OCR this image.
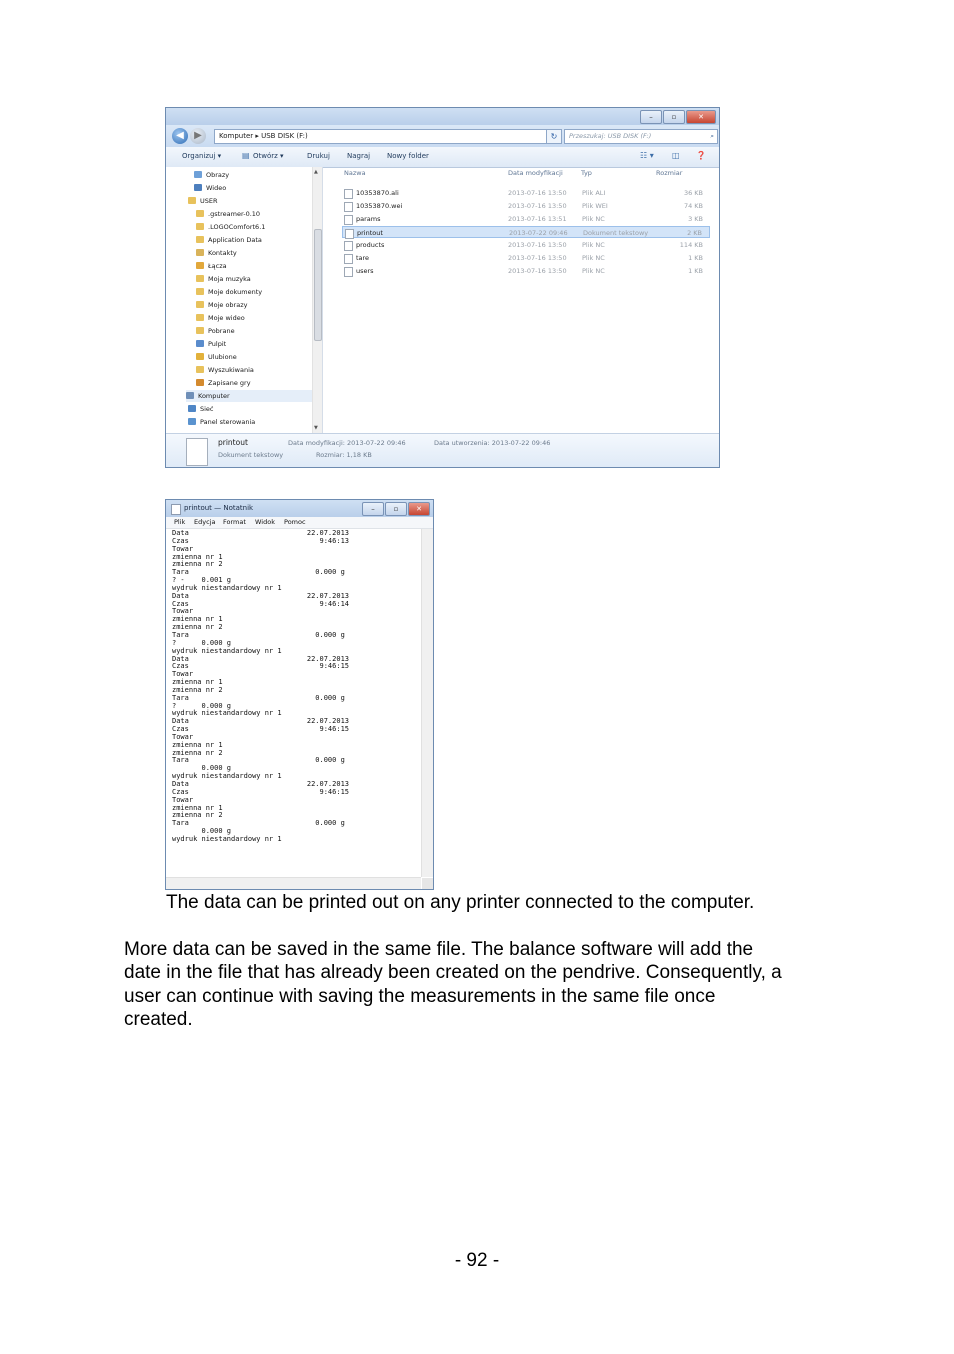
–	▫	✕
◀	▶	Komputer ▸ USB DISK (F:)	↻	Przeszukaj: USB DISK (F:)	⌕
Organizuj ▾	▤ Otwórz ▾	Drukuj Nagraj Nowy folder	☷ ▾ ◫ ❓
Obrazy
Wideo
USER
.gstreamer-0.10
.LOGOComfort6.1
Application Data
Kontakty
Łącza
Moja muzyka
Moje dokumenty
Moje obrazy
Moje wideo
Pobrane
Pulpit
Ulubione
Wyszukiwania
Zapisane gry
Komputer
Sieć
Panel sterowania
▲
▼
Nazwa	Data modyfikacji	Typ	Rozmiar
10353870.ali	2013-07-16 13:50 Plik ALI	36 KB
10353870.wei	2013-07-16 13:50 Plik WEI	74 KB
params	2013-07-16 13:51 Plik NC	3 KB
printout	2013-07-22 09:46 Dokument tekstowy	2 KB
products	2013-07-16 13:50 Plik NC	114 KB
tare	2013-07-16 13:50 Plik NC	1 KB
users	2013-07-16 13:50 Plik NC	1 KB
printout
Dokument tekstowy
Data modyfikacji: 2013-07-22 09:46
Rozmiar: 1,18 KB
Data utworzenia: 2013-07-22 09:46
printout — Notatnik	–	▫	✕
Plik Edycja Format Widok Pomoc
Data                            22.07.2013
Czas                               9:46:13
Towar
zmienna nr 1
zmienna nr 2
Tara                              0.000 g
? -    0.001 g
wydruk niestandardowy nr 1
Data                            22.07.2013
Czas                               9:46:14
Towar
zmienna nr 1
zmienna nr 2
Tara                              0.000 g
?      0.000 g
wydruk niestandardowy nr 1
Data                            22.07.2013
Czas                               9:46:15
Towar
zmienna nr 1
zmienna nr 2
Tara                              0.000 g
?      0.000 g
wydruk niestandardowy nr 1
Data                            22.07.2013
Czas                               9:46:15
Towar
zmienna nr 1
zmienna nr 2
Tara                              0.000 g
0.000 g
wydruk niestandardowy nr 1
Data                            22.07.2013
Czas                               9:46:15
Towar
zmienna nr 1
zmienna nr 2
Tara                              0.000 g
0.000 g
wydruk niestandardowy nr 1

The data can be printed out on any printer connected to the computer.

More data can be saved in the same file. The balance software will add the
date in the file that has already been created on the pendrive. Consequently, a
user can continue with saving the measurements in the same file once
created.

- 92 -
